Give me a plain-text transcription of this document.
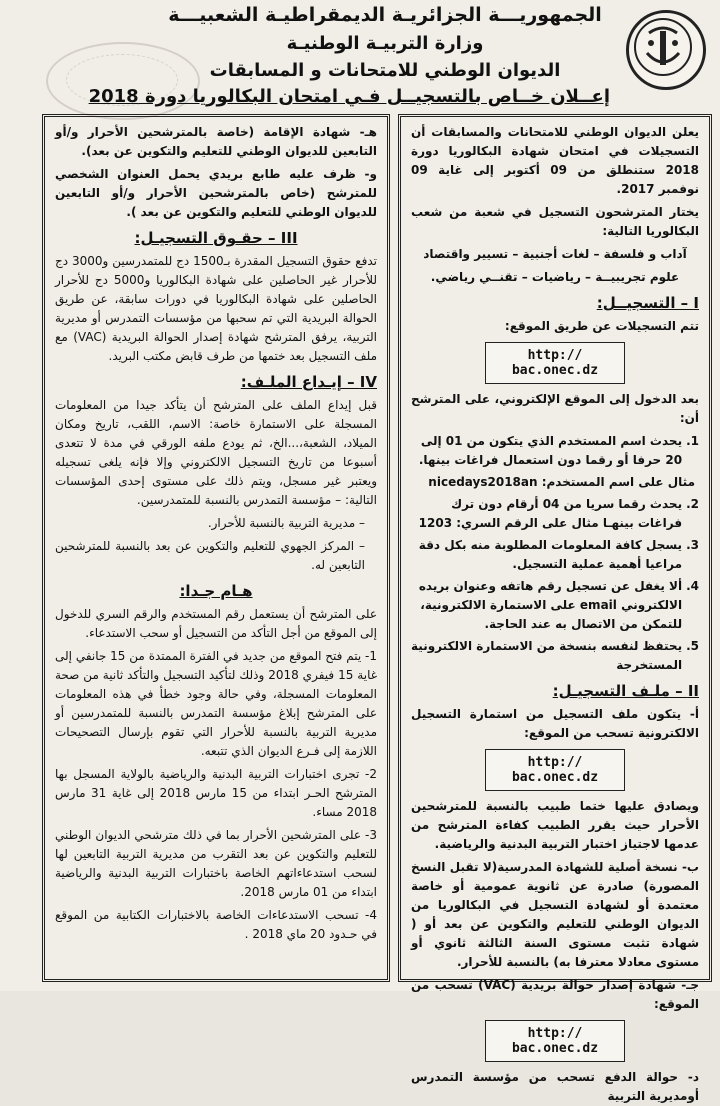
الجمهوريـــة الجزائريـة الديمقراطيـة الشعبيـــة
وزارة التربيـة الوطنيـة
الديوان الوطني للامتحانات و المسابقات
إعــلان خــاص بالتسجيــل فـي امتحان البكالوريا دورة 2018

يعلن الديوان الوطني للامتحانات والمسابقات أن التسجيلات في امتحان شهادة البكالوريا دورة 2018 ستنطلق من 09 أكتوبر إلى غاية 09 نوفمبر 2017.

يختار المترشحون التسجيل في شعبة من شعب البكالوريا التالية:

آداب و فلسفة – لغات أجنبية – تسيير واقتصاد

علوم تجريبيــة – رياضيات – تقنــي رياضي.

I – التسجيــل:

تتم التسجيلات عن طريق الموقع:

http:// bac.onec.dz

بعد الدخول إلى الموقع الإلكتروني، على المترشح أن:

1.
يحدث اسم المستخدم الذي يتكون من 01 إلى 20 حرفا أو رقما دون استعمال فراغات بينها.
مثال على اسم المستخدم: nicedays2018an
2.
يحدث رقما سريا من 04 أرقام دون ترك فراغات بينهـا مثال على الرقم السري: 1203
3.
يسجل كافة المعلومات المطلوبة منه بكل دقة مراعيا أهمية عملية التسجيل.
4.
ألا يغفل عن تسجيل رقم هاتفه وعنوان بريده الالكتروني email على الاستمارة الالكترونية، للتمكن من الاتصال به عند الحاجة.
5.
يحتفظ لنفسه بنسخة من الاستمارة الالكترونية المستخرجة
II – ملـف التسجيـل:

أ- يتكون ملف التسجيل من استمارة التسجيل الالكترونية تسحب من الموقع:

http:// bac.onec.dz

ويصادق عليها ختما طبيب بالنسبة للمترشحين الأحرار حيث يقرر الطبيب كفاءة المترشح من عدمها لاجتياز اختبار التربية البدنية والرياضية.

ب- نسخة أصلية للشهادة المدرسية(لا تقبل النسخ المصورة) صادرة عن ثانوية عمومية أو خاصة معتمدة أو لشهادة التسجيل في البكالوريا من الديوان الوطني للتعليم والتكوين عن بعد أو ( شهادة تثبت مستوى السنة الثالثة ثانوي أو مستوى معادلا معترفا به) بالنسبة للأحرار.

جـ- شهادة إصدار حوالة بريدية (VAC) تسحب من الموقع:

http:// bac.onec.dz

د- حوالة الدفع تسحب من مؤسسة التمدرس أومديرية التربية

هـ- شهادة الإقامة (خاصة بالمترشحين الأحرار و/أو التابعين للديوان الوطني للتعليم والتكوين عن بعد).

و- ظرف عليه طابع بريدي يحمل العنوان الشخصي للمترشح (خاص بالمترشحين الأحرار و/أو التابعين للديوان الوطني للتعليم والتكوين عن بعد ).

III – حقـوق التسجيـل:

تدفع حقوق التسجيل المقدرة بـ1500 دج للمتمدرسين و3000 دج للأحرار غير الحاصلين على شهادة البكالوريا و5000 دج للأحرار الحاصلين على شهادة البكالوريا في دورات سابقة، عن طريق الحوالة البريدية التي تم سحبها من مؤسسات التمدرس أو مديرية التربية، يرفق المترشح شهادة إصدار الحوالة البريدية (VAC) مع ملف التسجيل بعد ختمها من طرف قابض مكتب البريد.

IV – إيـداع الملـف:

قبل إيداع الملف على المترشح أن يتأكد جيدا من المعلومات المسجلة على الاستمارة خاصة: الاسم، اللقب، تاريخ ومكان الميلاد، الشعبة،...الخ، ثم يودع ملفه الورقي في مدة لا تتعدى أسبوعا من تاريخ التسجيل الالكتروني وإلا فإنه يلغى تسجيله ويعتبر غير مسجل، ويتم ذلك على مستوى إحدى المؤسسات التالية: – مؤسسة التمدرس بالنسبة للمتمدرسين.

– مديرية التربية بالنسبة للأحرار.

– المركز الجهوي للتعليم والتكوين عن بعد بالنسبة للمترشحين التابعين له.

هـام جـدا:

على المترشح أن يستعمل رقم المستخدم والرقم السري للدخول إلى الموقع من أجل التأكد من التسجيل أو سحب الاستدعاء.

1- يتم فتح الموقع من جديد في الفترة الممتدة من 15 جانفي إلى غاية 15 فيفري 2018 وذلك لتأكيد التسجيل والتأكد ثانية من صحة المعلومات المسجلة، وفي حالة وجود خطأ في هذه المعلومات على المترشح إبلاغ مؤسسة التمدرس بالنسبة للمتمدرسين أو مديرية التربية بالنسبة للأحرار التي تقوم بإرسال التصحيحات اللازمة إلى فـرع الديوان الذي تتبعه.

2- تجرى اختبارات التربية البدنية والرياضية بالولاية المسجل بها المترشح الحـر ابتداء من 15 مارس 2018 إلى غاية 31 مارس 2018 مساء.

3- على المترشحين الأحرار بما في ذلك مترشحي الديوان الوطني للتعليم والتكوين عن بعد التقرب من مديرية التربية التابعين لها لسحب استدعاءاتهم الخاصة باختبارات التربية البدنية والرياضية ابتداء من 01 مارس 2018.

4- تسحب الاستدعاءات الخاصة بالاختبارات الكتابية من الموقع في حـدود 20 ماي 2018 .
